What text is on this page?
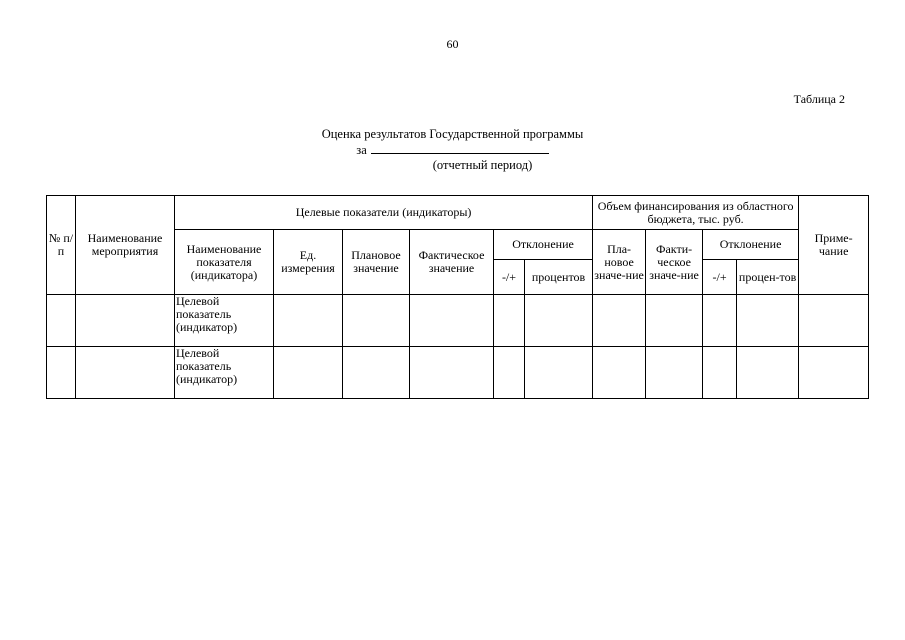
60
Таблица 2
Оценка результатов Государственной программы
за
(отчетный период)
№ п/п	Наименование мероприятия	Целевые показатели (индикаторы)						Объем финансирования из областного бюджета, тыс. руб.				Приме-чание
		Наименование показателя (индикатора)	Ед. измерения	Плановое значение	Фактическое значение	Отклонение		Пла-новое значе-ние	Факти-ческое значе-ние	Отклонение		
						-/+	процентов			-/+	процен-тов	
		Целевой показатель (индикатор)										
		Целевой показатель (индикатор)										
